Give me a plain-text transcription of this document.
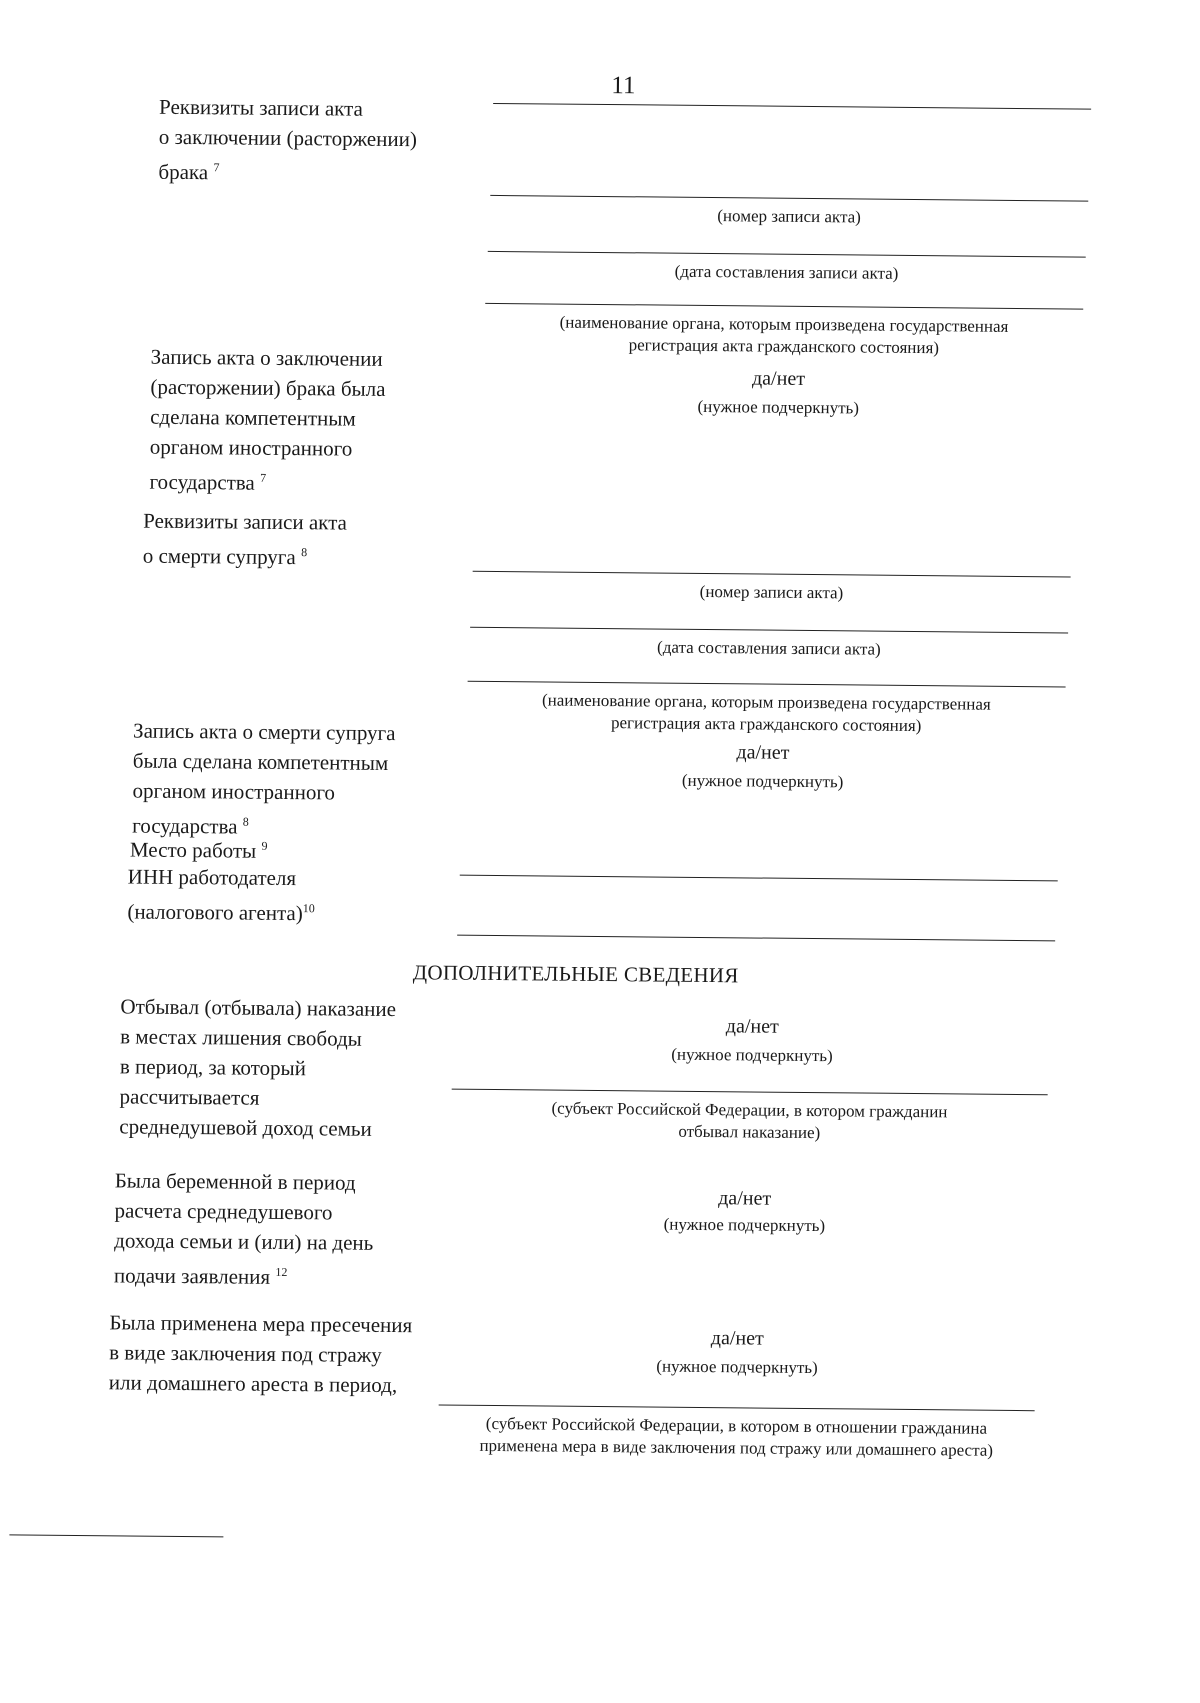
11
Реквизиты записи акта
о заключении (расторжении)
брака $^7$
(номер записи акта)
(дата составления записи акта)
(наименование органа, которым произведена государственная
регистрация акта гражданского состояния)
Запись акта о заключении
(расторжении) брака была
сделана компетентным
органом иностранного
государства $^7$
да/нет
(нужное подчеркнуть)
Реквизиты записи акта
о смерти супруга $^8$
(номер записи акта)
(дата составления записи акта)
(наименование органа, которым произведена государственная
регистрация акта гражданского состояния)
Запись акта о смерти супруга
была сделана компетентным
органом иностранного
государства $^8$
да/нет
(нужное подчеркнуть)
Место работы $^9$
ИНН работодателя
(налогового агента)$^{10}$
ДОПОЛНИТЕЛЬНЫЕ СВЕДЕНИЯ
Отбывал (отбывала) наказание
в местах лишения свободы
в период, за который
рассчитывается
среднедушевой доход семьи
да/нет
(нужное подчеркнуть)
(субъект Российской Федерации, в котором гражданин
отбывал наказание)
Была беременной в период
расчета среднедушевого
дохода семьи и (или) на день
подачи заявления $^{12}$
да/нет
(нужное подчеркнуть)
Была применена мера пресечения
в виде заключения под стражу
или домашнего ареста в период,
да/нет
(нужное подчеркнуть)
(субъект Российской Федерации, в котором в отношении гражданина
применена мера в виде заключения под стражу или домашнего ареста)
